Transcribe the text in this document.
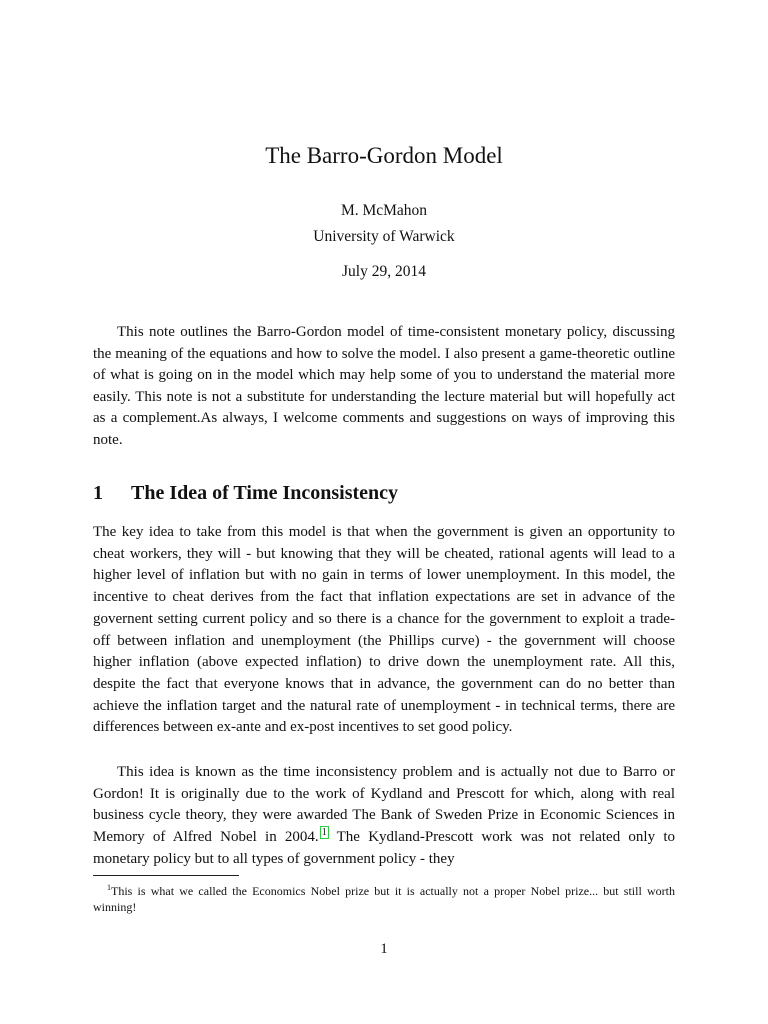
The Barro-Gordon Model
M. McMahon
University of Warwick
July 29, 2014

This note outlines the Barro-Gordon model of time-consistent monetary policy, discussing the meaning of the equations and how to solve the model. I also present a game-theoretic outline of what is going on in the model which may help some of you to understand the material more easily. This note is not a substitute for understanding the lecture material but will hopefully act as a complement.As always, I welcome comments and suggestions on ways of improving this note.

1 The Idea of Time Inconsistency

The key idea to take from this model is that when the government is given an opportunity to cheat workers, they will - but knowing that they will be cheated, rational agents will lead to a higher level of inflation but with no gain in terms of lower unemployment. In this model, the incentive to cheat derives from the fact that inflation expectations are set in advance of the governent setting current policy and so there is a chance for the government to exploit a trade-off between inflation and unemployment (the Phillips curve) - the government will choose higher inflation (above expected inflation) to drive down the unemployment rate. All this, despite the fact that everyone knows that in advance, the government can do no better than achieve the inflation target and the natural rate of unemployment - in technical terms, there are differences between ex-ante and ex-post incentives to set good policy.

This idea is known as the time inconsistency problem and is actually not due to Barro or Gordon! It is originally due to the work of Kydland and Prescott for which, along with real business cycle theory, they were awarded The Bank of Sweden Prize in Economic Sciences in Memory of Alfred Nobel in 2004. $^1$ The Kydland-Prescott work was not related only to monetary policy but to all types of government policy - they

$^1$This is what we called the Economics Nobel prize but it is actually not a proper Nobel prize... but still worth winning!

1
